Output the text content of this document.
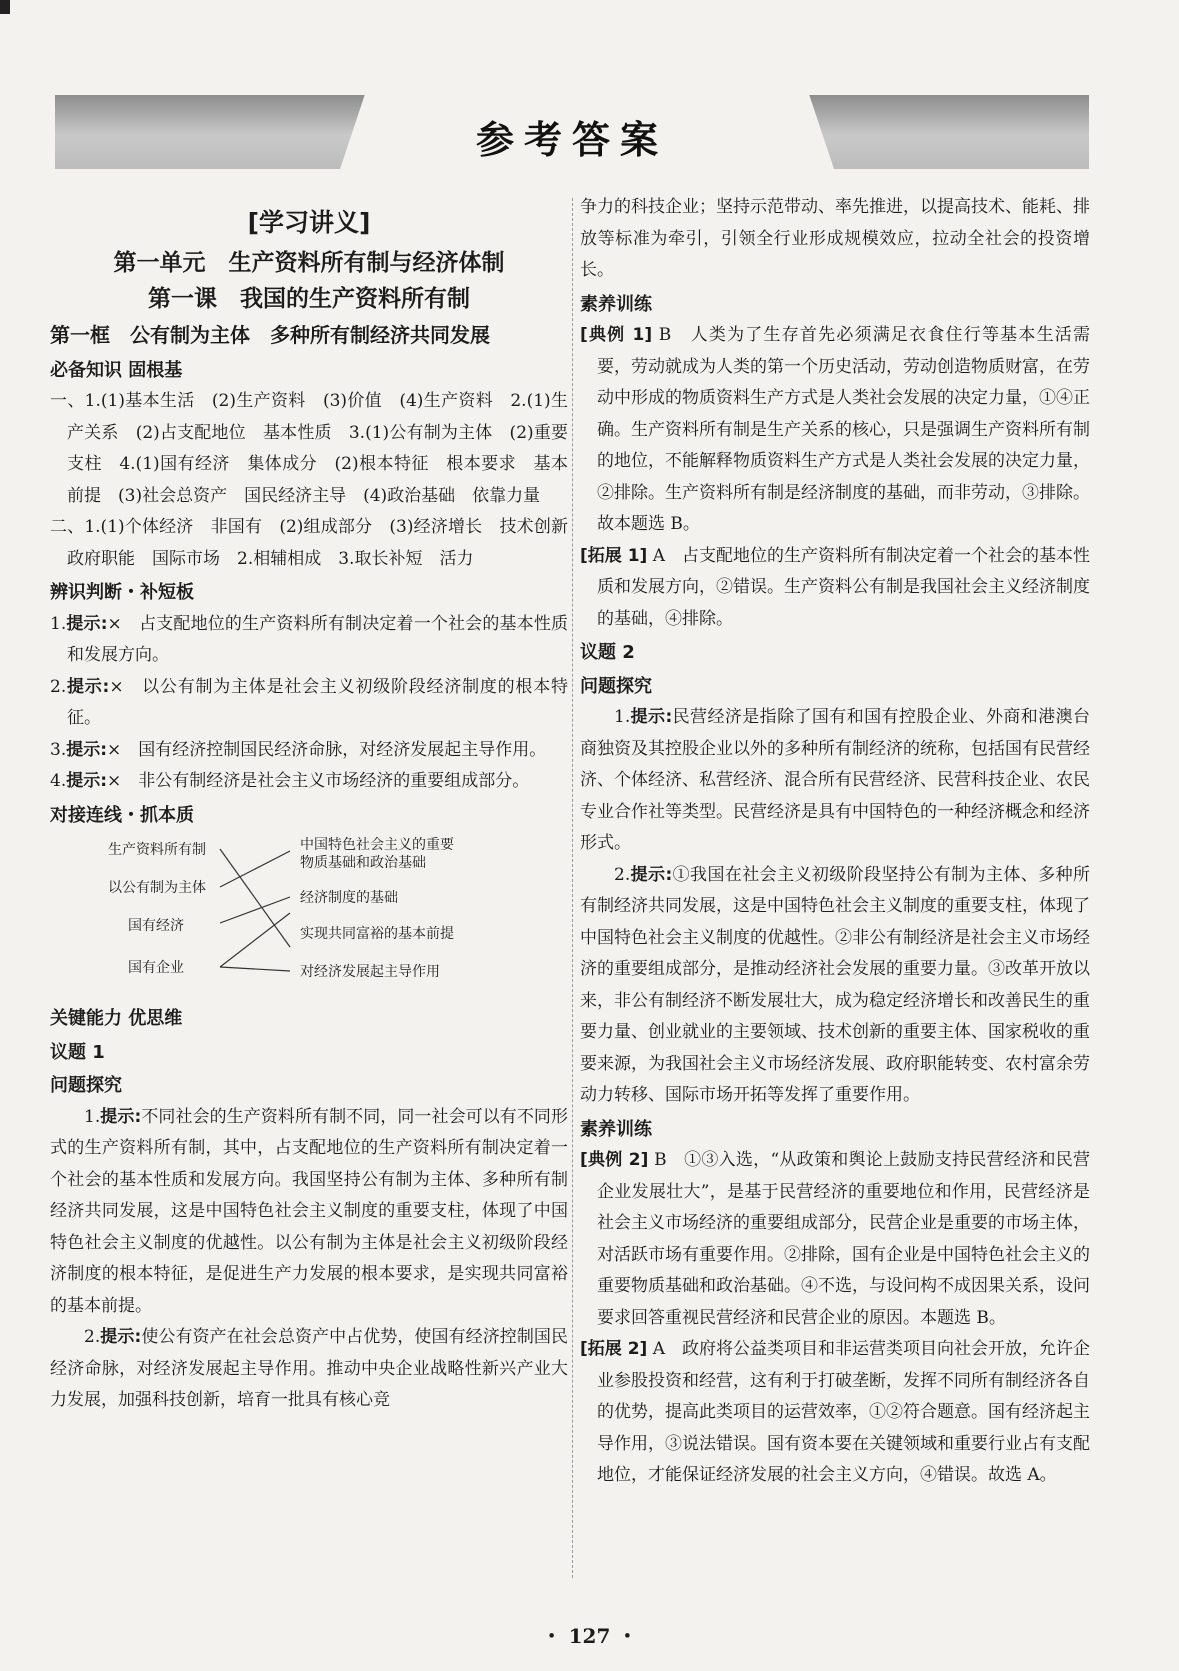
参考答案
[学习讲义]
第一单元　生产资料所有制与经济体制
第一课　我国的生产资料所有制
第一框　公有制为主体　多种所有制经济共同发展
必备知识 固根基
一、1.(1)基本生活　(2)生产资料　(3)价值　(4)生产资料　2.(1)生产关系　(2)占支配地位　基本性质　3.(1)公有制为主体　(2)重要支柱　4.(1)国有经济　集体成分　(2)根本特征　根本要求　基本前提　(3)社会总资产　国民经济主导　(4)政治基础　依靠力量
二、1.(1)个体经济　非国有　(2)组成部分　(3)经济增长　技术创新　政府职能　国际市场　2.相辅相成　3.取长补短　活力
辨识判断・补短板
1.提示:×　占支配地位的生产资料所有制决定着一个社会的基本性质和发展方向。
2.提示:×　以公有制为主体是社会主义初级阶段经济制度的根本特征。
3.提示:×　国有经济控制国民经济命脉，对经济发展起主导作用。
4.提示:×　非公有制经济是社会主义市场经济的重要组成部分。
对接连线・抓本质
生产资料所有制
以公有制为主体
国有经济
国有企业
中国特色社会主义的重要
物质基础和政治基础
经济制度的基础
实现共同富裕的基本前提
对经济发展起主导作用
关键能力 优思维
议题 1
问题探究
1.提示:不同社会的生产资料所有制不同，同一社会可以有不同形式的生产资料所有制，其中，占支配地位的生产资料所有制决定着一个社会的基本性质和发展方向。我国坚持公有制为主体、多种所有制经济共同发展，这是中国特色社会主义制度的重要支柱，体现了中国特色社会主义制度的优越性。以公有制为主体是社会主义初级阶段经济制度的根本特征，是促进生产力发展的根本要求，是实现共同富裕的基本前提。
2.提示:使公有资产在社会总资产中占优势，使国有经济控制国民经济命脉，对经济发展起主导作用。推动中央企业战略性新兴产业大力发展，加强科技创新，培育一批具有核心竞
争力的科技企业；坚持示范带动、率先推进，以提高技术、能耗、排放等标准为牵引，引领全行业形成规模效应，拉动全社会的投资增长。
素养训练
[典例 1] B　人类为了生存首先必须满足衣食住行等基本生活需要，劳动就成为人类的第一个历史活动，劳动创造物质财富，在劳动中形成的物质资料生产方式是人类社会发展的决定力量，①④正确。生产资料所有制是生产关系的核心，只是强调生产资料所有制的地位，不能解释物质资料生产方式是人类社会发展的决定力量，②排除。生产资料所有制是经济制度的基础，而非劳动，③排除。故本题选 B。
[拓展 1] A　占支配地位的生产资料所有制决定着一个社会的基本性质和发展方向，②错误。生产资料公有制是我国社会主义经济制度的基础，④排除。
议题 2
问题探究
1.提示:民营经济是指除了国有和国有控股企业、外商和港澳台商独资及其控股企业以外的多种所有制经济的统称，包括国有民营经济、个体经济、私营经济、混合所有民营经济、民营科技企业、农民专业合作社等类型。民营经济是具有中国特色的一种经济概念和经济形式。
2.提示:①我国在社会主义初级阶段坚持公有制为主体、多种所有制经济共同发展，这是中国特色社会主义制度的重要支柱，体现了中国特色社会主义制度的优越性。②非公有制经济是社会主义市场经济的重要组成部分，是推动经济社会发展的重要力量。③改革开放以来，非公有制经济不断发展壮大，成为稳定经济增长和改善民生的重要力量、创业就业的主要领域、技术创新的重要主体、国家税收的重要来源，为我国社会主义市场经济发展、政府职能转变、农村富余劳动力转移、国际市场开拓等发挥了重要作用。
素养训练
[典例 2] B　①③入选，“从政策和舆论上鼓励支持民营经济和民营企业发展壮大”，是基于民营经济的重要地位和作用，民营经济是社会主义市场经济的重要组成部分，民营企业是重要的市场主体，对活跃市场有重要作用。②排除，国有企业是中国特色社会主义的重要物质基础和政治基础。④不选，与设问构不成因果关系，设问要求回答重视民营经济和民营企业的原因。本题选 B。
[拓展 2] A　政府将公益类项目和非运营类项目向社会开放，允许企业参股投资和经营，这有利于打破垄断，发挥不同所有制经济各自的优势，提高此类项目的运营效率，①②符合题意。国有经济起主导作用，③说法错误。国有资本要在关键领域和重要行业占有支配地位，才能保证经济发展的社会主义方向，④错误。故选 A。
・ 127 ・
